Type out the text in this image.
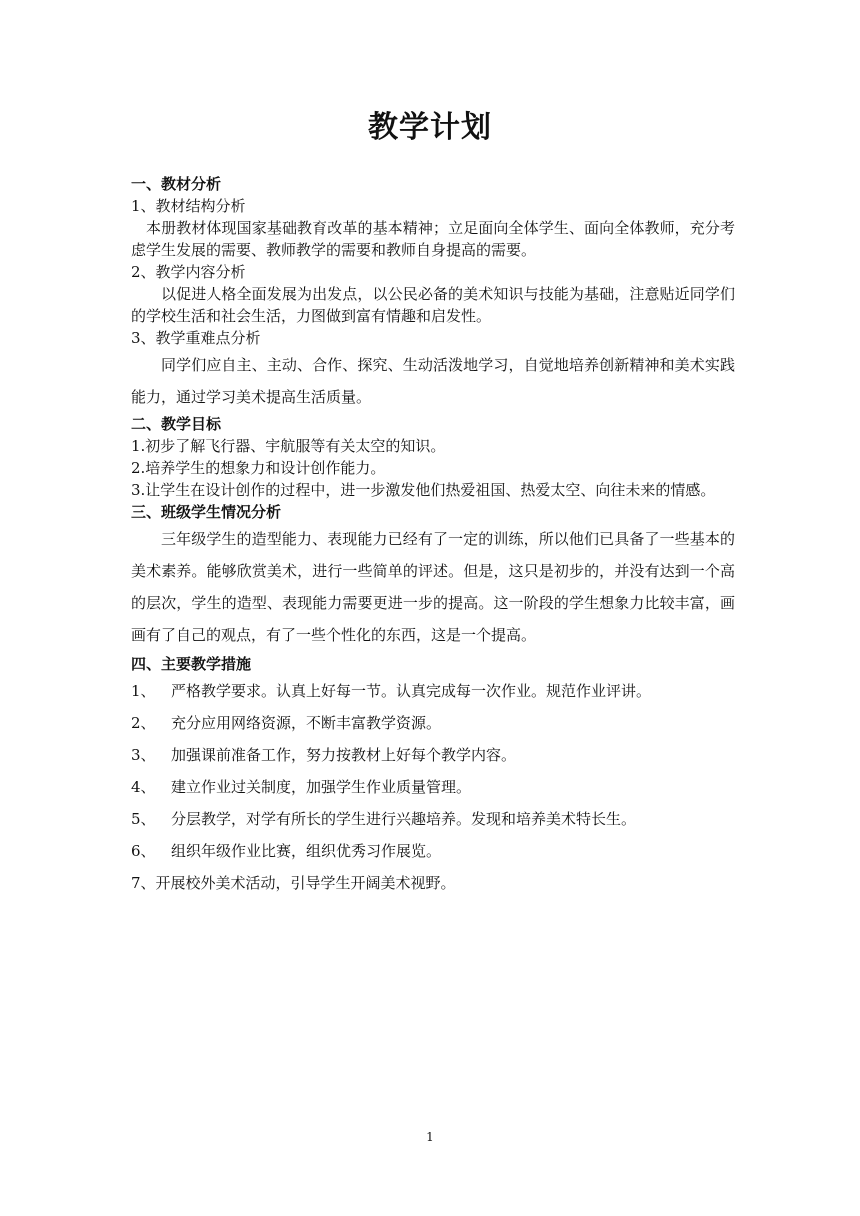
教学计划
一、教材分析
1、教材结构分析
本册教材体现国家基础教育改革的基本精神；立足面向全体学生、面向全体教师，充分考虑学生发展的需要、教师教学的需要和教师自身提高的需要。
2、教学内容分析
以促进人格全面发展为出发点，以公民必备的美术知识与技能为基础，注意贴近同学们的学校生活和社会生活，力图做到富有情趣和启发性。
3、教学重难点分析
同学们应自主、主动、合作、探究、生动活泼地学习，自觉地培养创新精神和美术实践能力，通过学习美术提高生活质量。
二、教学目标
1.初步了解飞行器、宇航服等有关太空的知识。
2.培养学生的想象力和设计创作能力。
3.让学生在设计创作的过程中，进一步激发他们热爱祖国、热爱太空、向往未来的情感。
三、班级学生情况分析
三年级学生的造型能力、表现能力已经有了一定的训练，所以他们已具备了一些基本的美术素养。能够欣赏美术，进行一些简单的评述。但是，这只是初步的，并没有达到一个高的层次，学生的造型、表现能力需要更进一步的提高。这一阶段的学生想象力比较丰富，画画有了自己的观点，有了一些个性化的东西，这是一个提高。
四、主要教学措施
1、	严格教学要求。认真上好每一节。认真完成每一次作业。规范作业评讲。
2、	充分应用网络资源，不断丰富教学资源。
3、	加强课前准备工作，努力按教材上好每个教学内容。
4、	建立作业过关制度，加强学生作业质量管理。
5、	分层教学，对学有所长的学生进行兴趣培养。发现和培养美术特长生。
6、	组织年级作业比赛，组织优秀习作展览。
7、开展校外美术活动，引导学生开阔美术视野。
1
